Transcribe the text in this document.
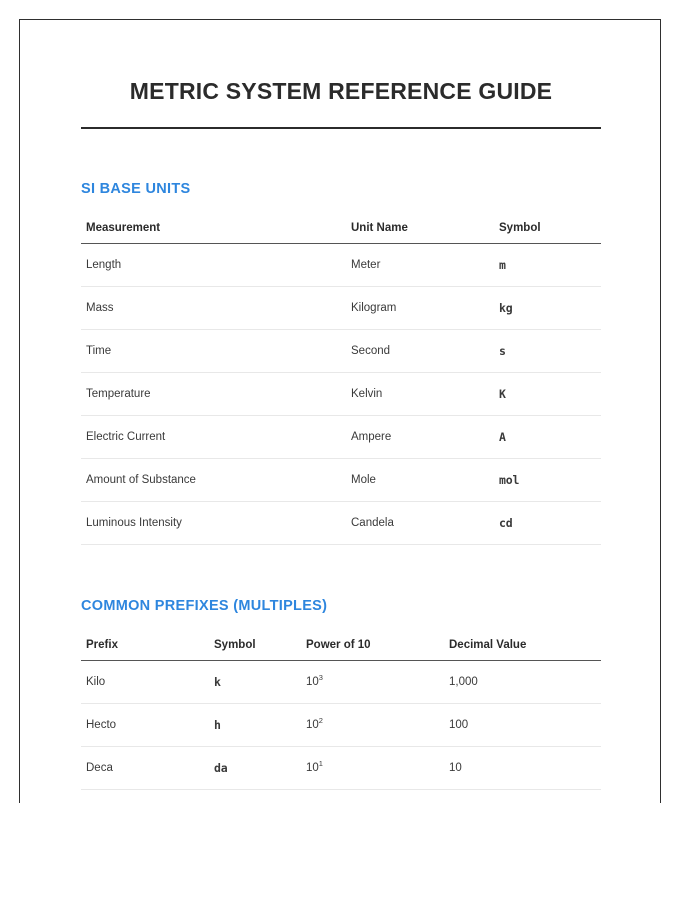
METRIC SYSTEM REFERENCE GUIDE
SI BASE UNITS
Measurement	Unit Name	Symbol
Length	Meter	m
Mass	Kilogram	kg
Time	Second	s
Temperature	Kelvin	K
Electric Current	Ampere	A
Amount of Substance	Mole	mol
Luminous Intensity	Candela	cd
COMMON PREFIXES (MULTIPLES)
Prefix	Symbol	Power of 10	Decimal Value
Kilo	k	$10^3$	1,000
Hecto	h	$10^2$	100
Deca	da	$10^1$	10
